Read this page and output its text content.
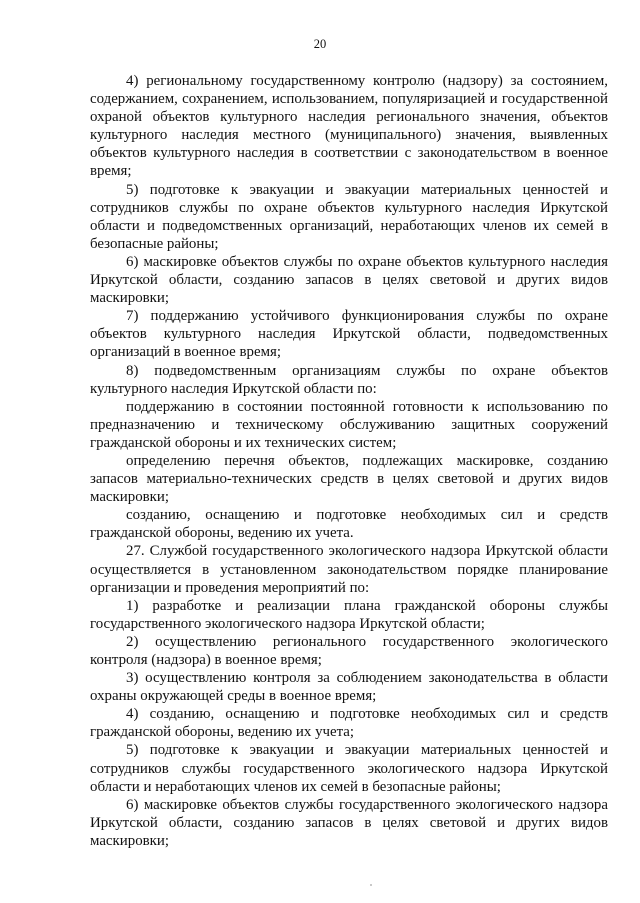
20

4) региональному государственному контролю (надзору) за состоянием, содержанием, сохранением, использованием, популяризацией и государственной охраной объектов культурного наследия регионального значения, объектов культурного наследия местного (муниципального) значения, выявленных объектов культурного наследия в соответствии с законодательством в военное время;

5) подготовке к эвакуации и эвакуации материальных ценностей и сотрудников службы по охране объектов культурного наследия Иркутской области и подведомственных организаций, неработающих членов их семей в безопасные районы;

6) маскировке объектов службы по охране объектов культурного наследия Иркутской области, созданию запасов в целях световой и других видов маскировки;

7) поддержанию устойчивого функционирования службы по охране объектов культурного наследия Иркутской области, подведомственных организаций в военное время;

8) подведомственным организациям службы по охране объектов культурного наследия Иркутской области по:

поддержанию в состоянии постоянной готовности к использованию по предназначению и техническому обслуживанию защитных сооружений гражданской обороны и их технических систем;

определению перечня объектов, подлежащих маскировке, созданию запасов материально-технических средств в целях световой и других видов маскировки;

созданию, оснащению и подготовке необходимых сил и средств гражданской обороны, ведению их учета.

27. Службой государственного экологического надзора Иркутской области осуществляется в установленном законодательством порядке планирование организации и проведения мероприятий по:

1) разработке и реализации плана гражданской обороны службы государственного экологического надзора Иркутской области;

2) осуществлению регионального государственного экологического контроля (надзора) в военное время;

3) осуществлению контроля за соблюдением законодательства в области охраны окружающей среды в военное время;

4) созданию, оснащению и подготовке необходимых сил и средств гражданской обороны, ведению их учета;

5) подготовке к эвакуации и эвакуации материальных ценностей и сотрудников службы государственного экологического надзора Иркутской области и неработающих членов их семей в безопасные районы;

6) маскировке объектов службы государственного экологического надзора Иркутской области, созданию запасов в целях световой и других видов маскировки;
